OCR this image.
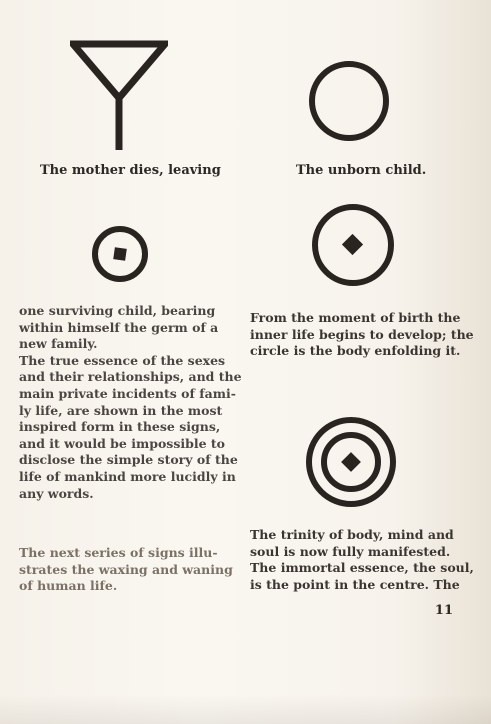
The mother dies, leaving	The unborn child.
one surviving child, bearing
within himself the germ of a
new family.
The true essence of the sexes
and their relationships, and the
main private incidents of fami-
ly life, are shown in the most
inspired form in these signs,
and it would be impossible to
disclose the simple story of the
life of mankind more lucidly in
any words.
The next series of signs illu-
strates the waxing and waning
of human life.
From the moment of birth the
inner life begins to develop; the
circle is the body enfolding it.
The trinity of body, mind and
soul is now fully manifested.
The immortal essence, the soul,
is the point in the centre. The
11
